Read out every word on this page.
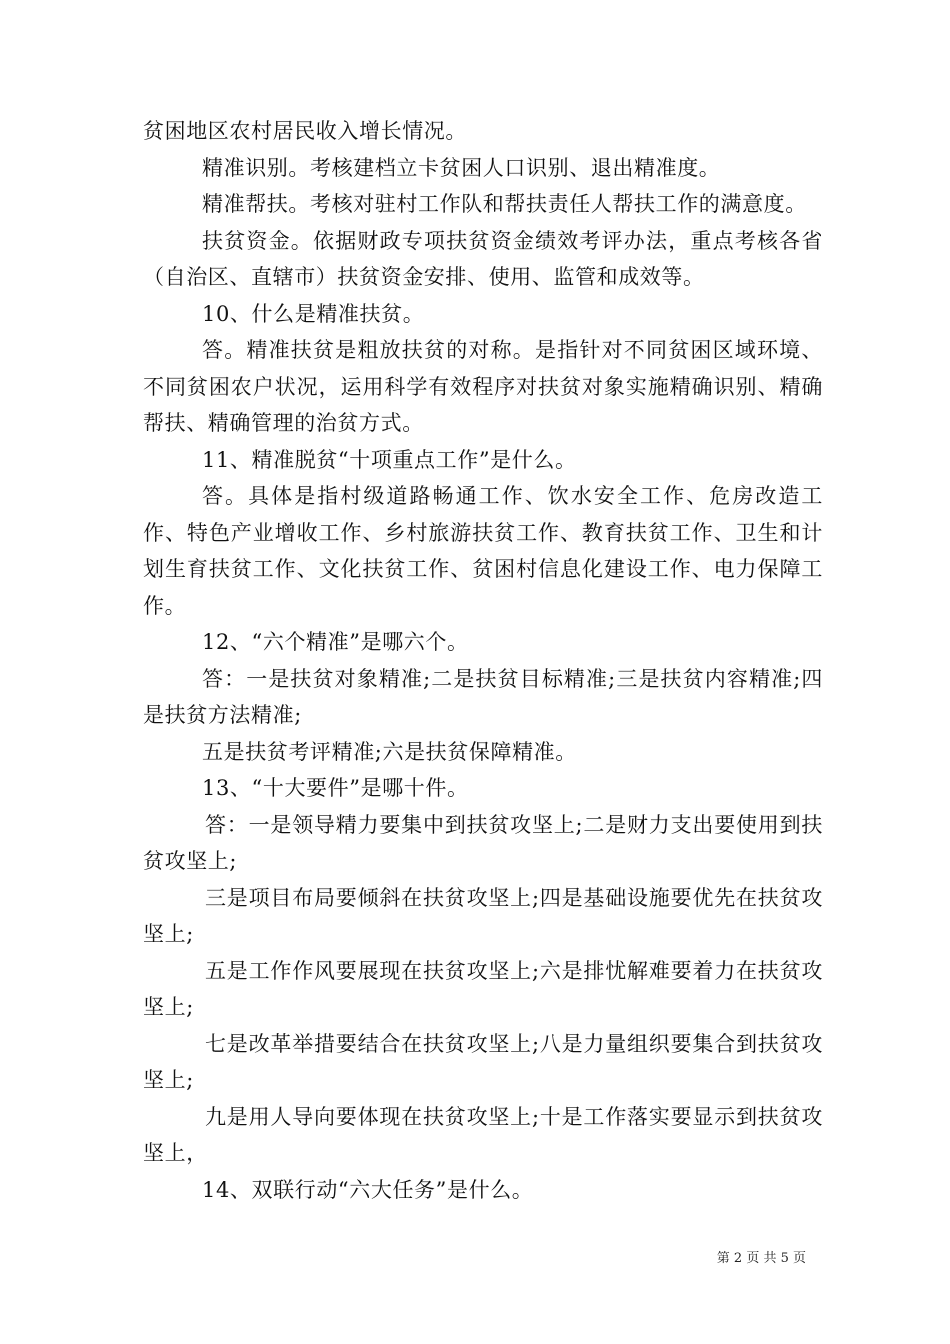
贫困地区农村居民收入增长情况。

精准识别。考核建档立卡贫困人口识别、退出精准度。

精准帮扶。考核对驻村工作队和帮扶责任人帮扶工作的满意度。

扶贫资金。依据财政专项扶贫资金绩效考评办法，重点考核各省（自治区、直辖市）扶贫资金安排、使用、监管和成效等。

10、什么是精准扶贫。

答。精准扶贫是粗放扶贫的对称。是指针对不同贫困区域环境、不同贫困农户状况，运用科学有效程序对扶贫对象实施精确识别、精确帮扶、精确管理的治贫方式。

11、精准脱贫“十项重点工作”是什么。

答。具体是指村级道路畅通工作、饮水安全工作、危房改造工作、特色产业增收工作、乡村旅游扶贫工作、教育扶贫工作、卫生和计划生育扶贫工作、文化扶贫工作、贫困村信息化建设工作、电力保障工作。

12、“六个精准”是哪六个。

答：一是扶贫对象精准;二是扶贫目标精准;三是扶贫内容精准;四是扶贫方法精准;

五是扶贫考评精准;六是扶贫保障精准。

13、“十大要件”是哪十件。

答：一是领导精力要集中到扶贫攻坚上;二是财力支出要使用到扶贫攻坚上;

三是项目布局要倾斜在扶贫攻坚上;四是基础设施要优先在扶贫攻坚上;

五是工作作风要展现在扶贫攻坚上;六是排忧解难要着力在扶贫攻坚上;

七是改革举措要结合在扶贫攻坚上;八是力量组织要集合到扶贫攻坚上;

九是用人导向要体现在扶贫攻坚上;十是工作落实要显示到扶贫攻坚上，

14、双联行动“六大任务”是什么。

第 2 页 共 5 页
